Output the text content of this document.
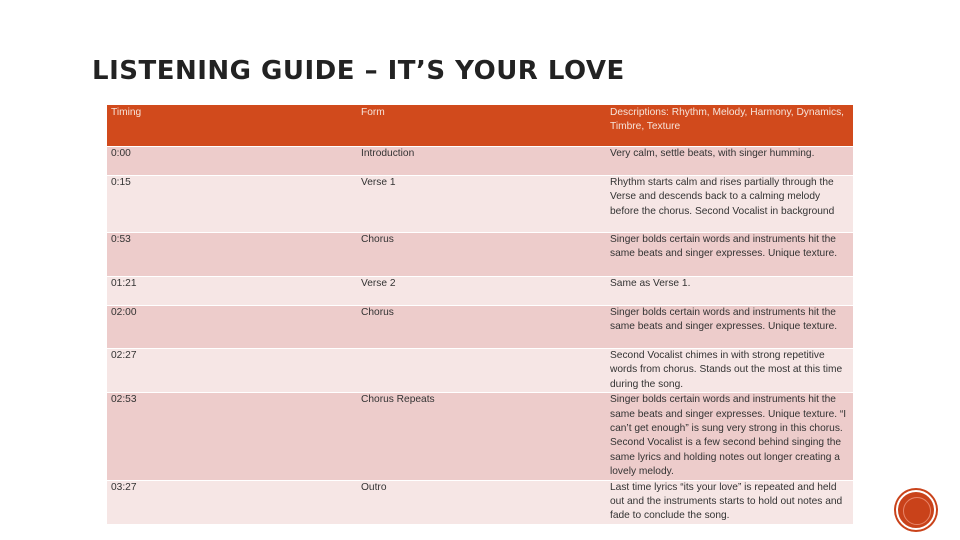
LISTENING GUIDE – IT’S YOUR LOVE
Timing	Form	Descriptions: Rhythm, Melody, Harmony, Dynamics, Timbre, Texture
0:00	Introduction	Very calm, settle beats, with singer humming.
0:15	Verse 1	Rhythm starts calm and rises partially through the Verse and descends back to a calming melody before the chorus. Second Vocalist in background
0:53	Chorus	Singer bolds certain words and instruments hit the same beats and singer expresses. Unique texture.
01:21	Verse 2	Same as Verse 1.
02:00	Chorus	Singer bolds certain words and instruments hit the same beats and singer expresses. Unique texture.
02:27		Second Vocalist chimes in with strong repetitive words from chorus. Stands out the most at this time during the song.
02:53	Chorus Repeats	Singer bolds certain words and instruments hit the same beats and singer expresses. Unique texture. “I can’t get enough” is sung very strong in this chorus. Second Vocalist is a few second behind singing the same lyrics and holding notes out longer creating a lovely melody.
03:27	Outro	Last time lyrics “its your love” is repeated and held out and the instruments starts to hold out notes and fade to conclude the song.
